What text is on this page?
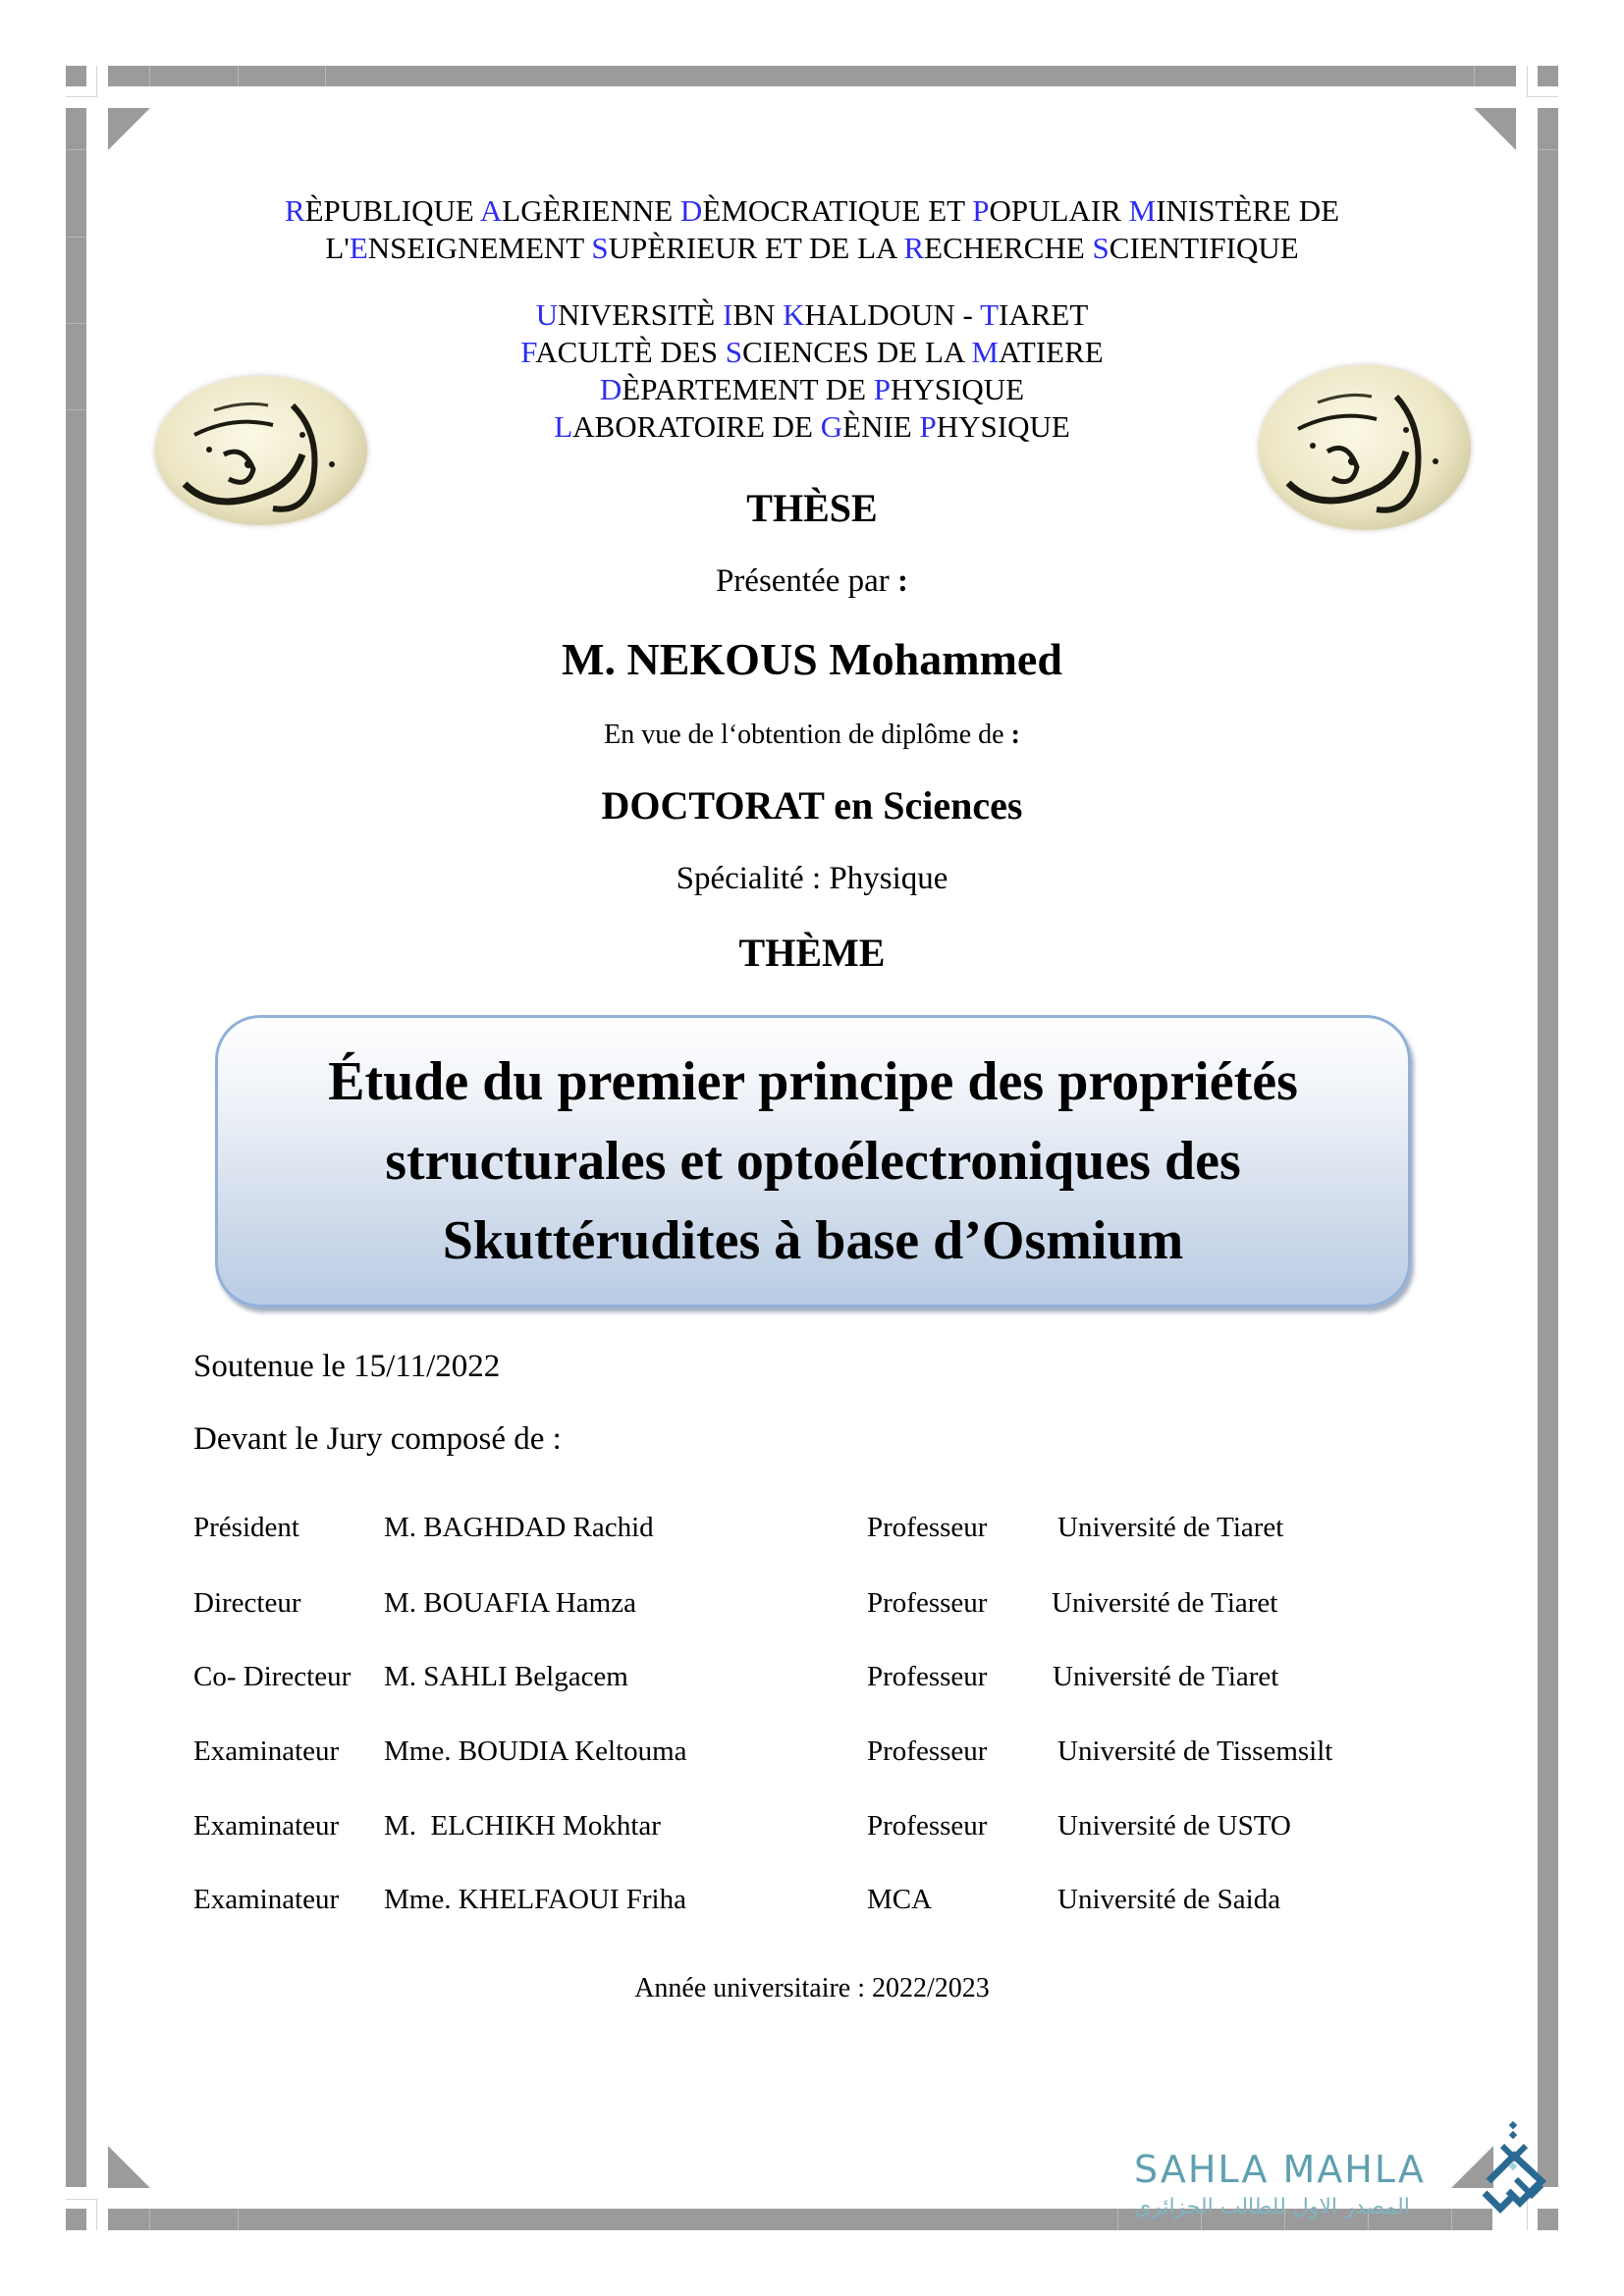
RÈPUBLIQUE ALGÈRIENNE DÈMOCRATIQUE ET POPULAIR MINISTÈRE DE
L'ENSEIGNEMENT SUPÈRIEUR ET DE LA RECHERCHE SCIENTIFIQUE
UNIVERSITÈ IBN KHALDOUN - TIARET
FACULTÈ DES SCIENCES DE LA MATIERE
DÈPARTEMENT DE PHYSIQUE
LABORATOIRE DE GÈNIE PHYSIQUE
THÈSE
Présentée par :
M. NEKOUS Mohammed
En vue de l‘obtention de diplôme de :
DOCTORAT en Sciences
Spécialité : Physique
THÈME
Étude du premier principe des propriétés
structurales et optoélectroniques des
Skuttérudites à base d’Osmium
Soutenue le 15/11/2022
Devant le Jury composé de :
Président	M. BAGHDAD Rachid	Professeur Université de Tiaret
Directeur	M. BOUAFIA Hamza	Professeur Université de Tiaret
Co- Directeur M. SAHLI Belgacem	Professeur Université de Tiaret
Examinateur Mme. BOUDIA Keltouma	Professeur Université de Tissemsilt
Examinateur M.  ELCHIKH Mokhtar	Professeur Université de USTO
Examinateur Mme. KHELFAOUI Friha	MCA	Université de Saida
Année universitaire : 2022/2023
SAHLA MAHLA
المصدر الاول للطالب الجزائري
